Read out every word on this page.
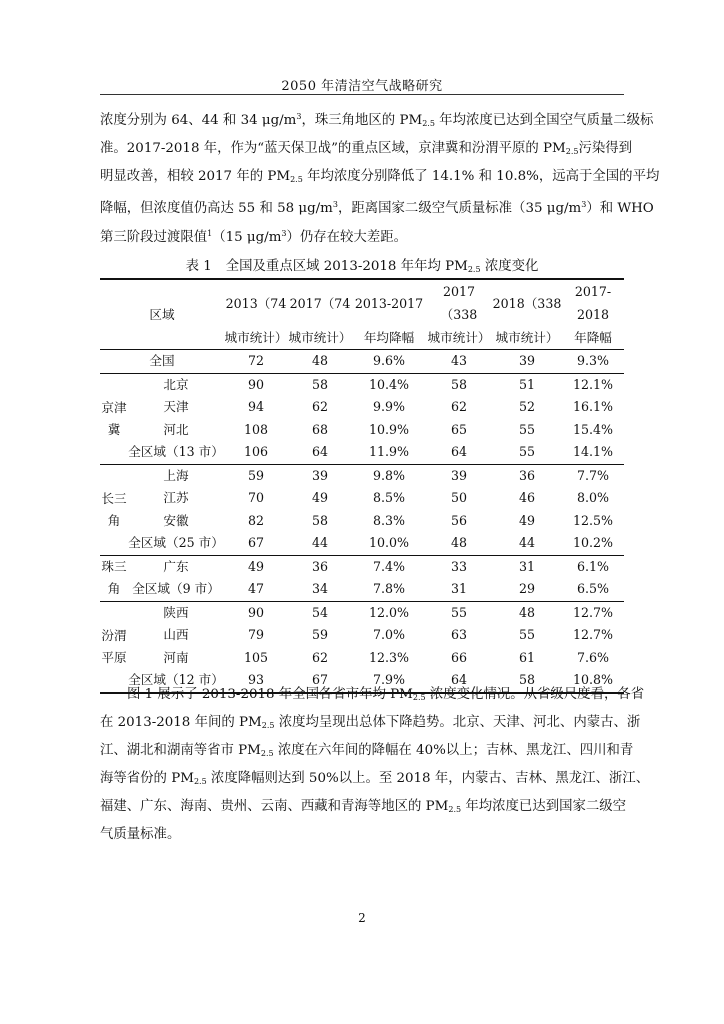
2050 年清洁空气战略研究
浓度分别为 64、44 和 34 $\mu g/m^3$，珠三角地区的 $PM_{2.5}$ 年均浓度已达到全国空气质量二级标
准。2017-2018 年，作为“蓝天保卫战”的重点区域，京津冀和汾渭平原的 $PM_{2.5}$污染得到
明显改善，相较 2017 年的 $PM_{2.5}$ 年均浓度分别降低了 14.1% 和 10.8%，远高于全国的平均
降幅，但浓度值仍高达 55 和 58 $\mu g/m^3$，距离国家二级空气质量标准（35 $\mu g/m^3$）和 WHO
第三阶段过渡限值$^1$（15 $\mu g/m^3$）仍存在较大差距。
表 1 全国及重点区域 2013-2018 年年均 $PM_{2.5}$ 浓度变化
区域		2013（74	2017（74	2013-2017	2017（338	2018（338	2017-2018
		城市统计）	城市统计）	年均降幅	城市统计）	城市统计）	年降幅
全国		72	48	9.6%	43	39	9.3%
京津
冀	北京	90	58	10.4%	58	51	12.1%
	天津	94	62	9.9%	62	52	16.1%
	河北	108	68	10.9%	65	55	15.4%
	全区域（13 市）	106	64	11.9%	64	55	14.1%
长三
角	上海	59	39	9.8%	39	36	7.7%
	江苏	70	49	8.5%	50	46	8.0%
	安徽	82	58	8.3%	56	49	12.5%
	全区域（25 市）	67	44	10.0%	48	44	10.2%
珠三
角	广东	49	36	7.4%	33	31	6.1%
	全区域（9 市）	47	34	7.8%	31	29	6.5%
汾渭
平原	陕西	90	54	12.0%	55	48	12.7%
	山西	79	59	7.0%	63	55	12.7%
	河南	105	62	12.3%	66	61	7.6%
	全区域（12 市）	93	67	7.9%	64	58	10.8%
图 1 展示了 2013-2018 年全国各省市年均 $PM_{2.5}$ 浓度变化情况。从省级尺度看，各省
在 2013-2018 年间的 $PM_{2.5}$ 浓度均呈现出总体下降趋势。北京、天津、河北、内蒙古、浙
江、湖北和湖南等省市 $PM_{2.5}$ 浓度在六年间的降幅在 40%以上；吉林、黑龙江、四川和青
海等省份的 $PM_{2.5}$ 浓度降幅则达到 50%以上。至 2018 年，内蒙古、吉林、黑龙江、浙江、
福建、广东、海南、贵州、云南、西藏和青海等地区的 $PM_{2.5}$ 年均浓度已达到国家二级空
气质量标准。
2
